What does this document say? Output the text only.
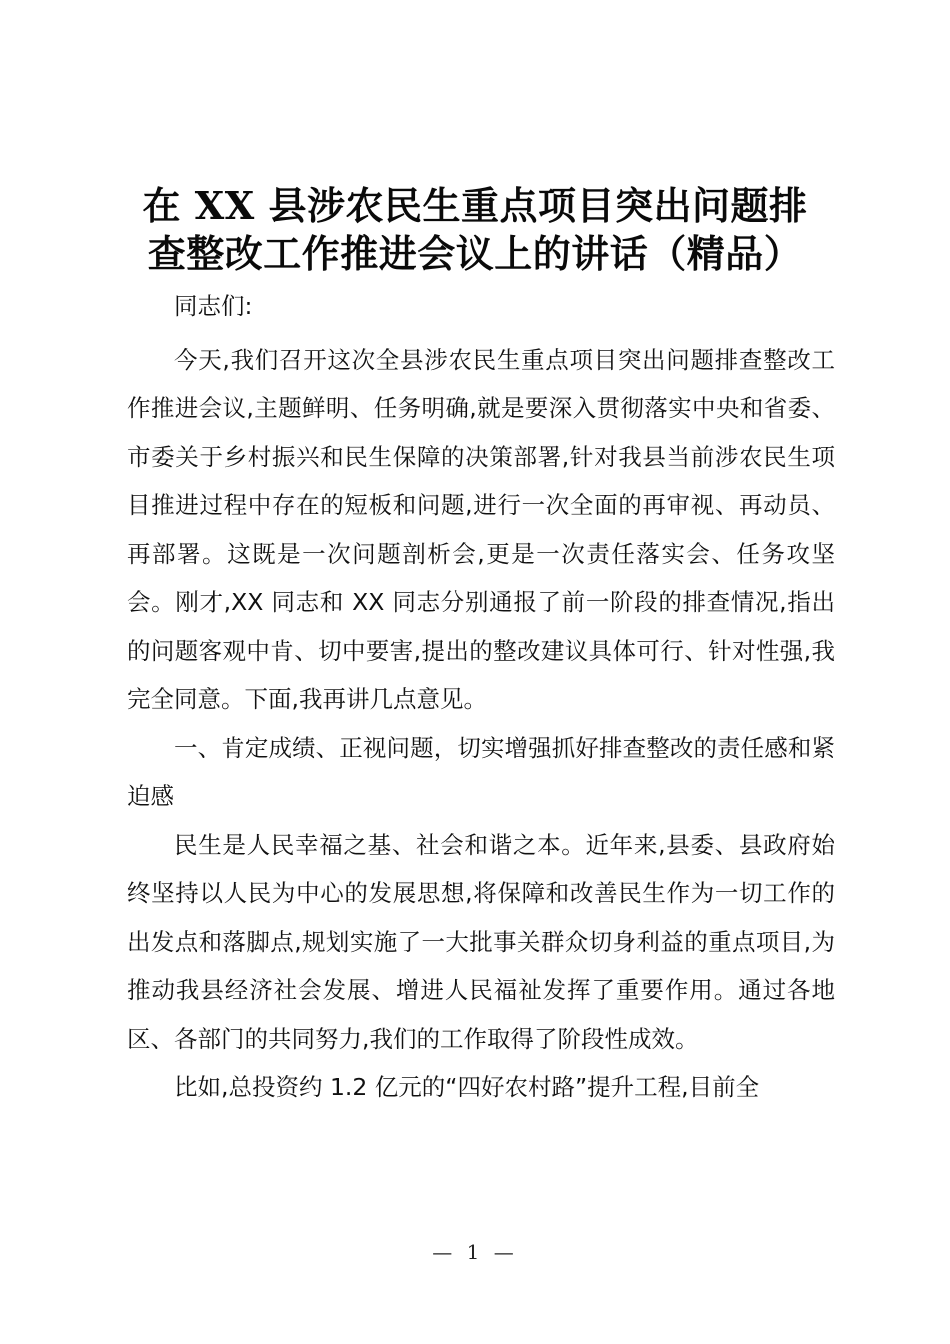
在 XX 县涉农民生重点项目突出问题排
查整改工作推进会议上的讲话（精品）

同志们:

今天,我们召开这次全县涉农民生重点项目突出问题排查整改工作推进会议,主题鲜明、任务明确,就是要深入贯彻落实中央和省委、市委关于乡村振兴和民生保障的决策部署,针对我县当前涉农民生项目推进过程中存在的短板和问题,进行一次全面的再审视、再动员、再部署。这既是一次问题剖析会,更是一次责任落实会、任务攻坚会。刚才,XX 同志和 XX 同志分别通报了前一阶段的排查情况,指出的问题客观中肯、切中要害,提出的整改建议具体可行、针对性强,我完全同意。下面,我再讲几点意见。

一、肯定成绩、正视问题，切实增强抓好排查整改的责任感和紧迫感

民生是人民幸福之基、社会和谐之本。近年来,县委、县政府始终坚持以人民为中心的发展思想,将保障和改善民生作为一切工作的出发点和落脚点,规划实施了一大批事关群众切身利益的重点项目,为推动我县经济社会发展、增进人民福祉发挥了重要作用。通过各地区、各部门的共同努力,我们的工作取得了阶段性成效。

比如,总投资约 1.2 亿元的“四好农村路”提升工程,目前全

— 1 —
